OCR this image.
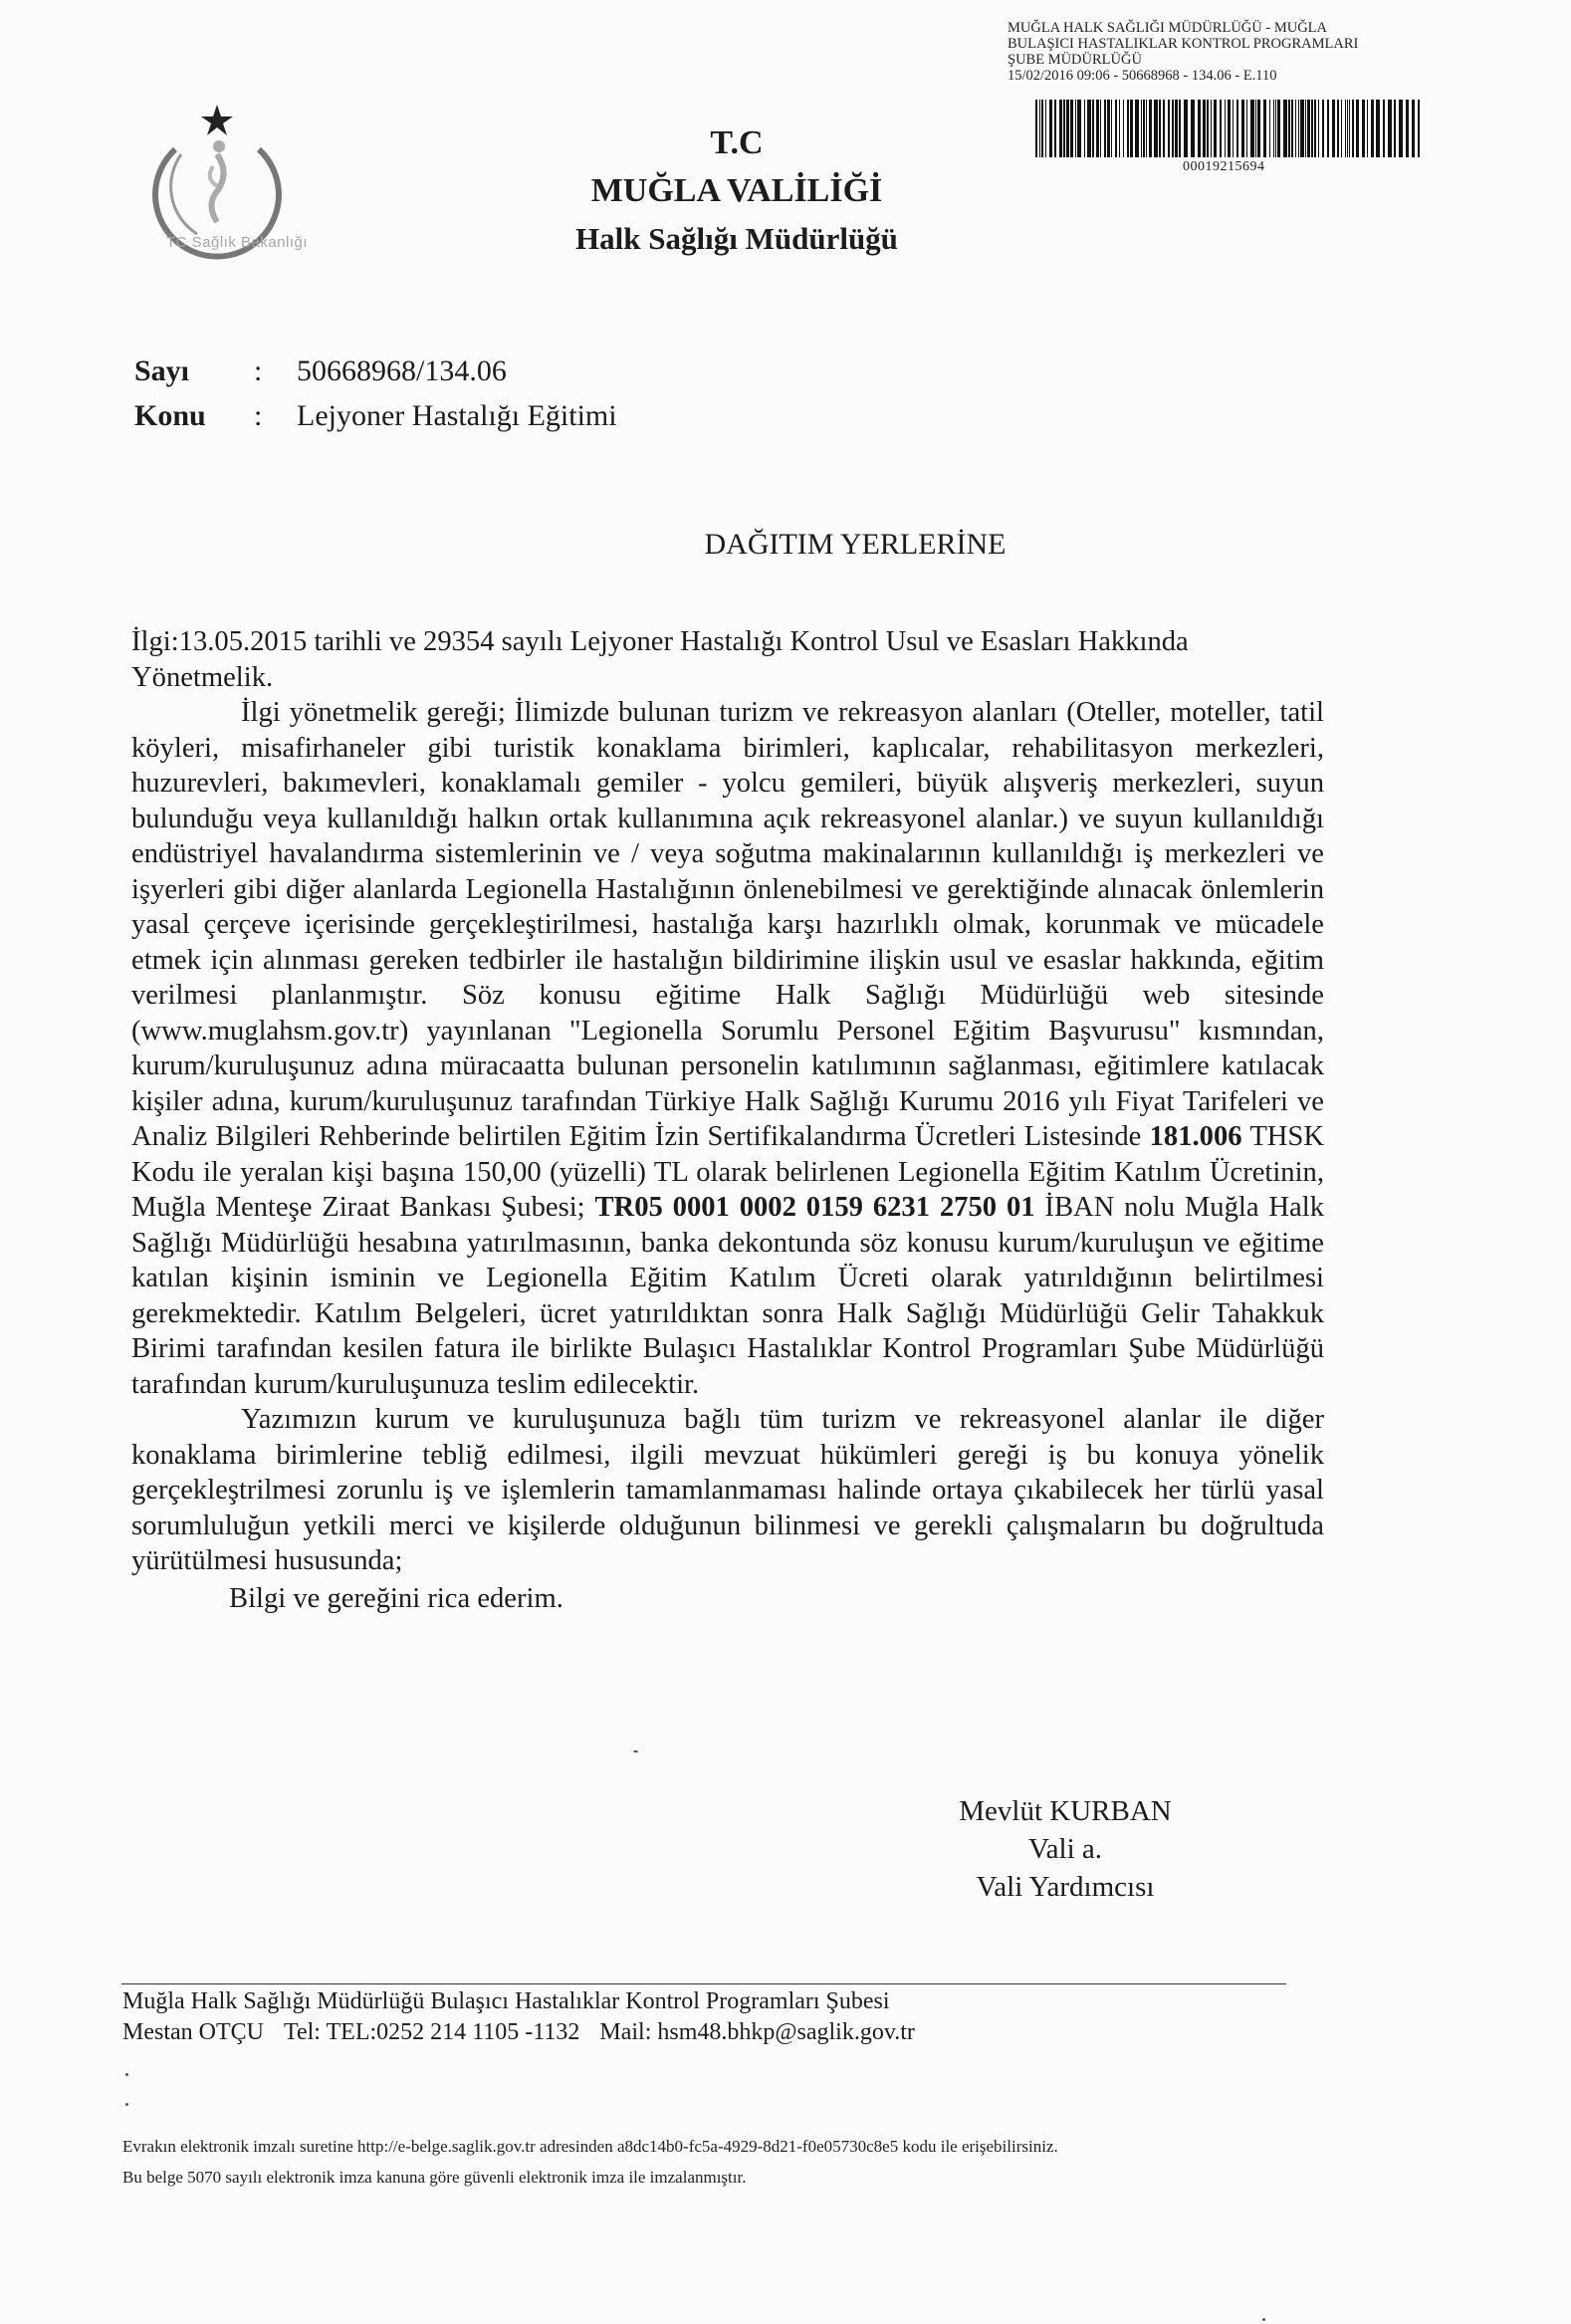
TC Sağlık Bakanlığı
MUĞLA HALK SAĞLIĞI MÜDÜRLÜĞÜ - MUĞLA
BULAŞICI HASTALIKLAR KONTROL PROGRAMLARI
ŞUBE MÜDÜRLÜĞÜ
15/02/2016 09:06 - 50668968 - 134.06 - E.110
00019215694

T.C

MUĞLA VALİLİĞİ

Halk Sağlığı Müdürlüğü

Sayı : 50668968/134.06
Konu : Lejyoner Hastalığı Eğitimi
DAĞITIM YERLERİNE

İlgi:13.05.2015 tarihli ve 29354 sayılı Lejyoner Hastalığı Kontrol Usul ve Esasları Hakkında

Yönetmelik.

İlgi yönetmelik gereği; İlimizde bulunan turizm ve rekreasyon alanları (Oteller, moteller, tatil köyleri, misafirhaneler gibi turistik konaklama birimleri, kaplıcalar, rehabilitasyon merkezleri, huzurevleri, bakımevleri, konaklamalı gemiler - yolcu gemileri, büyük alışveriş merkezleri, suyun bulunduğu veya kullanıldığı halkın ortak kullanımına açık rekreasyonel alanlar.) ve suyun kullanıldığı endüstriyel havalandırma sistemlerinin ve / veya soğutma makinalarının kullanıldığı iş merkezleri ve işyerleri gibi diğer alanlarda Legionella Hastalığının önlenebilmesi ve gerektiğinde alınacak önlemlerin yasal çerçeve içerisinde gerçekleştirilmesi, hastalığa karşı hazırlıklı olmak, korunmak ve mücadele etmek için alınması gereken tedbirler ile hastalığın bildirimine ilişkin usul ve esaslar hakkında, eğitim verilmesi planlanmıştır. Söz konusu eğitime Halk Sağlığı Müdürlüğü web sitesinde (www.muglahsm.gov.tr) yayınlanan "Legionella Sorumlu Personel Eğitim Başvurusu" kısmından, kurum/kuruluşunuz adına müracaatta bulunan personelin katılımının sağlanması, eğitimlere katılacak kişiler adına, kurum/kuruluşunuz tarafından Türkiye Halk Sağlığı Kurumu 2016 yılı Fiyat Tarifeleri ve Analiz Bilgileri Rehberinde belirtilen Eğitim İzin Sertifikalandırma Ücretleri Listesinde 181.006 THSK Kodu ile yeralan kişi başına 150,00 (yüzelli) TL olarak belirlenen Legionella Eğitim Katılım Ücretinin, Muğla Menteşe Ziraat Bankası Şubesi; TR05 0001 0002 0159 6231 2750 01 İBAN nolu Muğla Halk Sağlığı Müdürlüğü hesabına yatırılmasının, banka dekontunda söz konusu kurum/kuruluşun ve eğitime katılan kişinin isminin ve Legionella Eğitim Katılım Ücreti olarak yatırıldığının belirtilmesi gerekmektedir. Katılım Belgeleri, ücret yatırıldıktan sonra Halk Sağlığı Müdürlüğü Gelir Tahakkuk Birimi tarafından kesilen fatura ile birlikte Bulaşıcı Hastalıklar Kontrol Programları Şube Müdürlüğü tarafından kurum/kuruluşunuza teslim edilecektir.

Yazımızın kurum ve kuruluşunuza bağlı tüm turizm ve rekreasyonel alanlar ile diğer konaklama birimlerine tebliğ edilmesi, ilgili mevzuat hükümleri gereği iş bu konuya yönelik gerçekleştrilmesi zorunlu iş ve işlemlerin tamamlanmaması halinde ortaya çıkabilecek her türlü yasal sorumluluğun yetkili merci ve kişilerde olduğunun bilinmesi ve gerekli çalışmaların bu doğrultuda yürütülmesi hususunda;

Bilgi ve gereğini rica ederim.

Mevlüt KURBAN
Vali a.
Vali Yardımcısı
Muğla Halk Sağlığı Müdürlüğü Bulaşıcı Hastalıklar Kontrol Programları Şubesi
Mestan OTÇU Tel: TEL:0252 214 1105 -1132 Mail: hsm48.bhkp@saglik.gov.tr
Evrakın elektronik imzalı suretine http://e-belge.saglik.gov.tr adresinden a8dc14b0-fc5a-4929-8d21-f0e05730c8e5 kodu ile erişebilirsiniz.
Bu belge 5070 sayılı elektronik imza kanuna göre güvenli elektronik imza ile imzalanmıştır.
